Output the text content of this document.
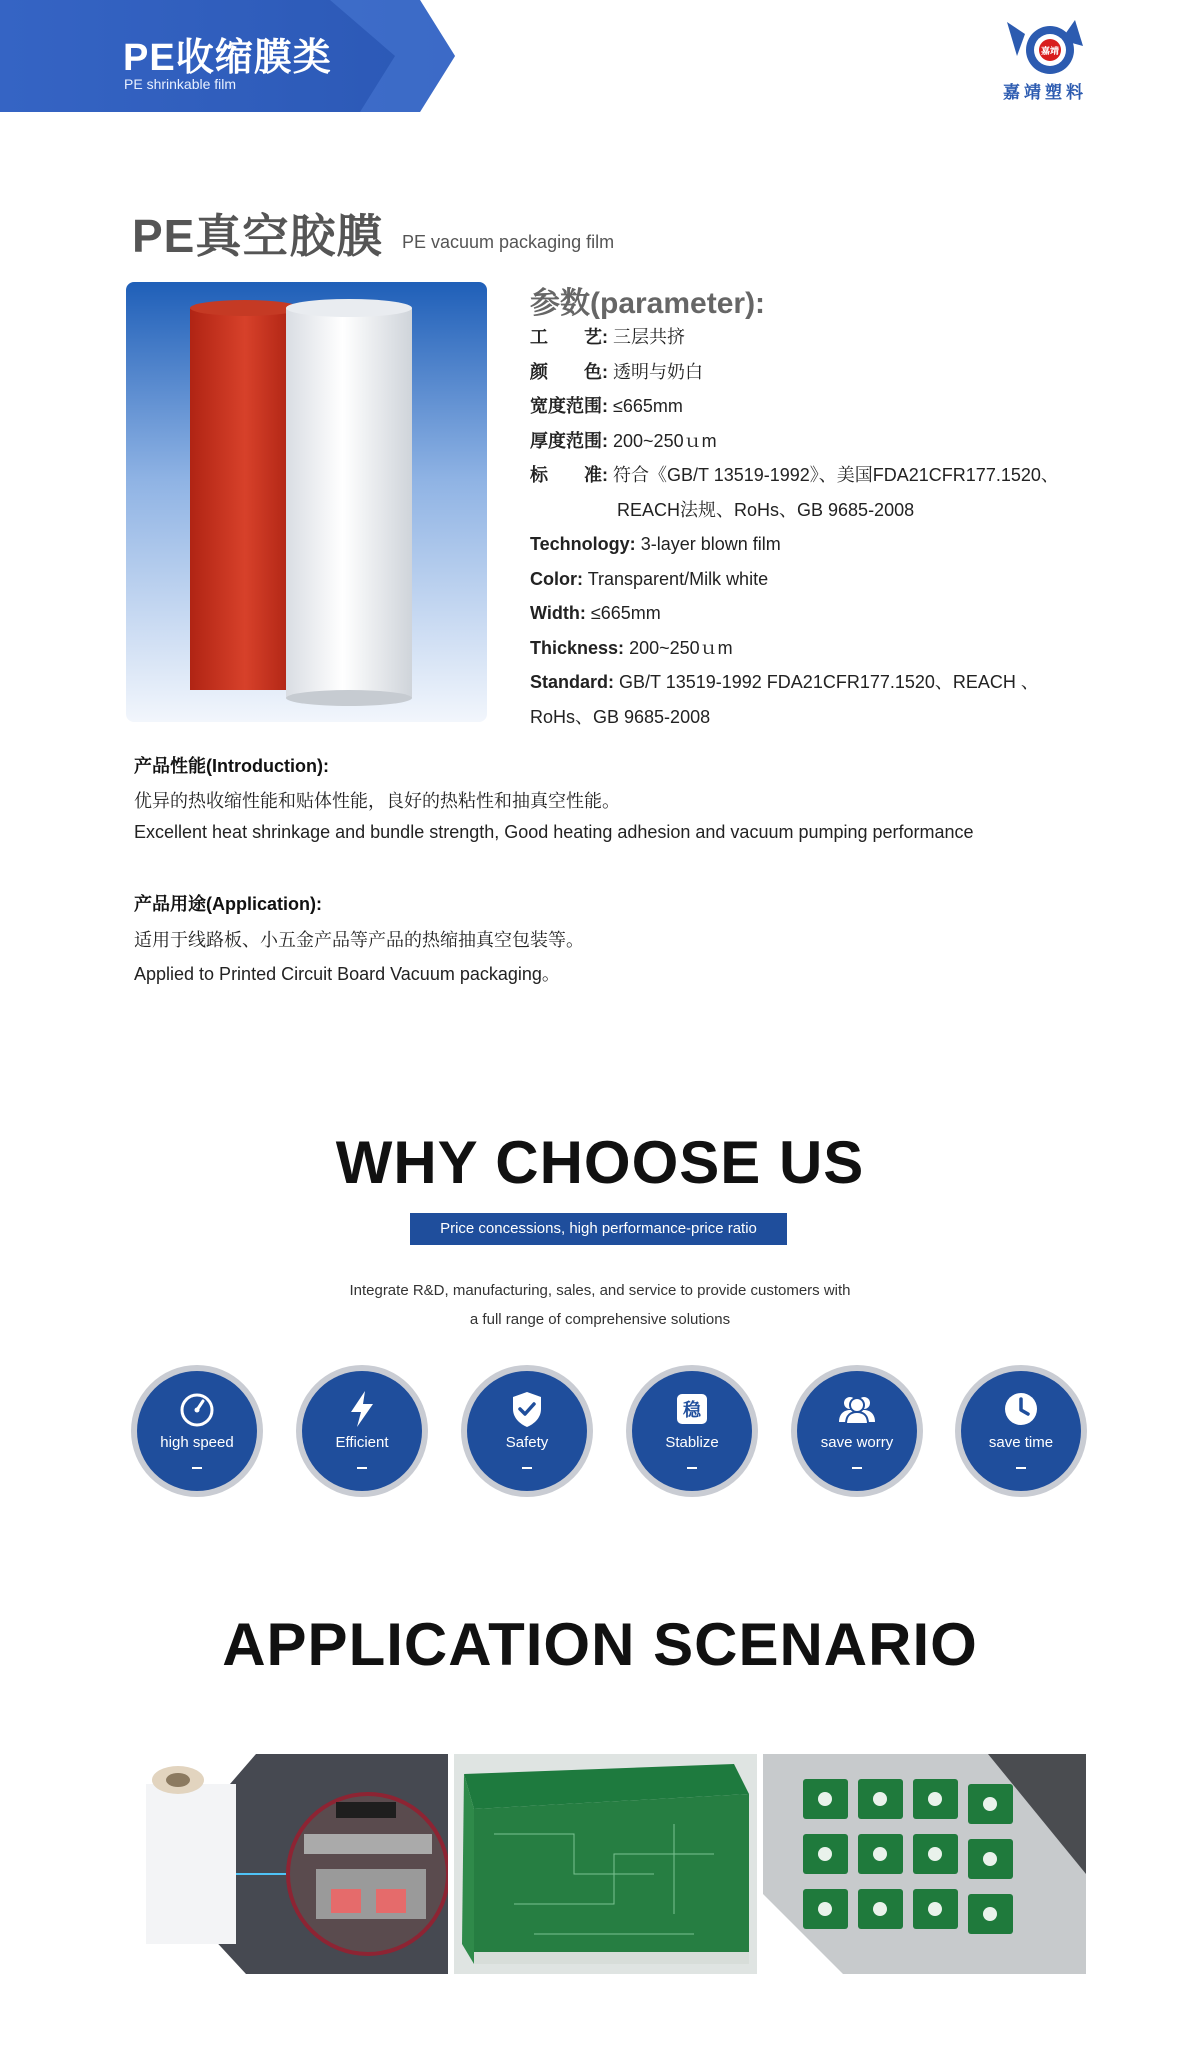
PE收缩膜类
PE shrinkable film
嘉靖
嘉靖塑料
PE真空胶膜 PE vacuum packaging film
参数(parameter):
工　　艺: 三层共挤
颜　　色: 透明与奶白
宽度范围: ≤665mm
厚度范围: 200~250ｕm
标　　准: 符合《GB/T 13519-1992》、美国FDA21CFR177.1520、
REACH法规、RoHs、GB 9685-2008
Technology: 3-layer blown film
Color: Transparent/Milk white
Width: ≤665mm
Thickness: 200~250ｕm
Standard: GB/T 13519-1992 FDA21CFR177.1520、REACH 、
RoHs、GB 9685-2008
产品性能(Introduction):
优异的热收缩性能和贴体性能，良好的热粘性和抽真空性能。
Excellent heat shrinkage and bundle strength, Good heating adhesion and vacuum pumping performance
产品用途(Application):
适用于线路板、小五金产品等产品的热缩抽真空包装等。
Applied to Printed Circuit Board Vacuum packaging。
WHY CHOOSE US
Price concessions, high performance-price ratio
Integrate R&D, manufacturing, sales, and service to provide customers with
a full range of comprehensive solutions
high speed	Efficient	Safety
稳
Stablize	save worry	save time
APPLICATION SCENARIO
